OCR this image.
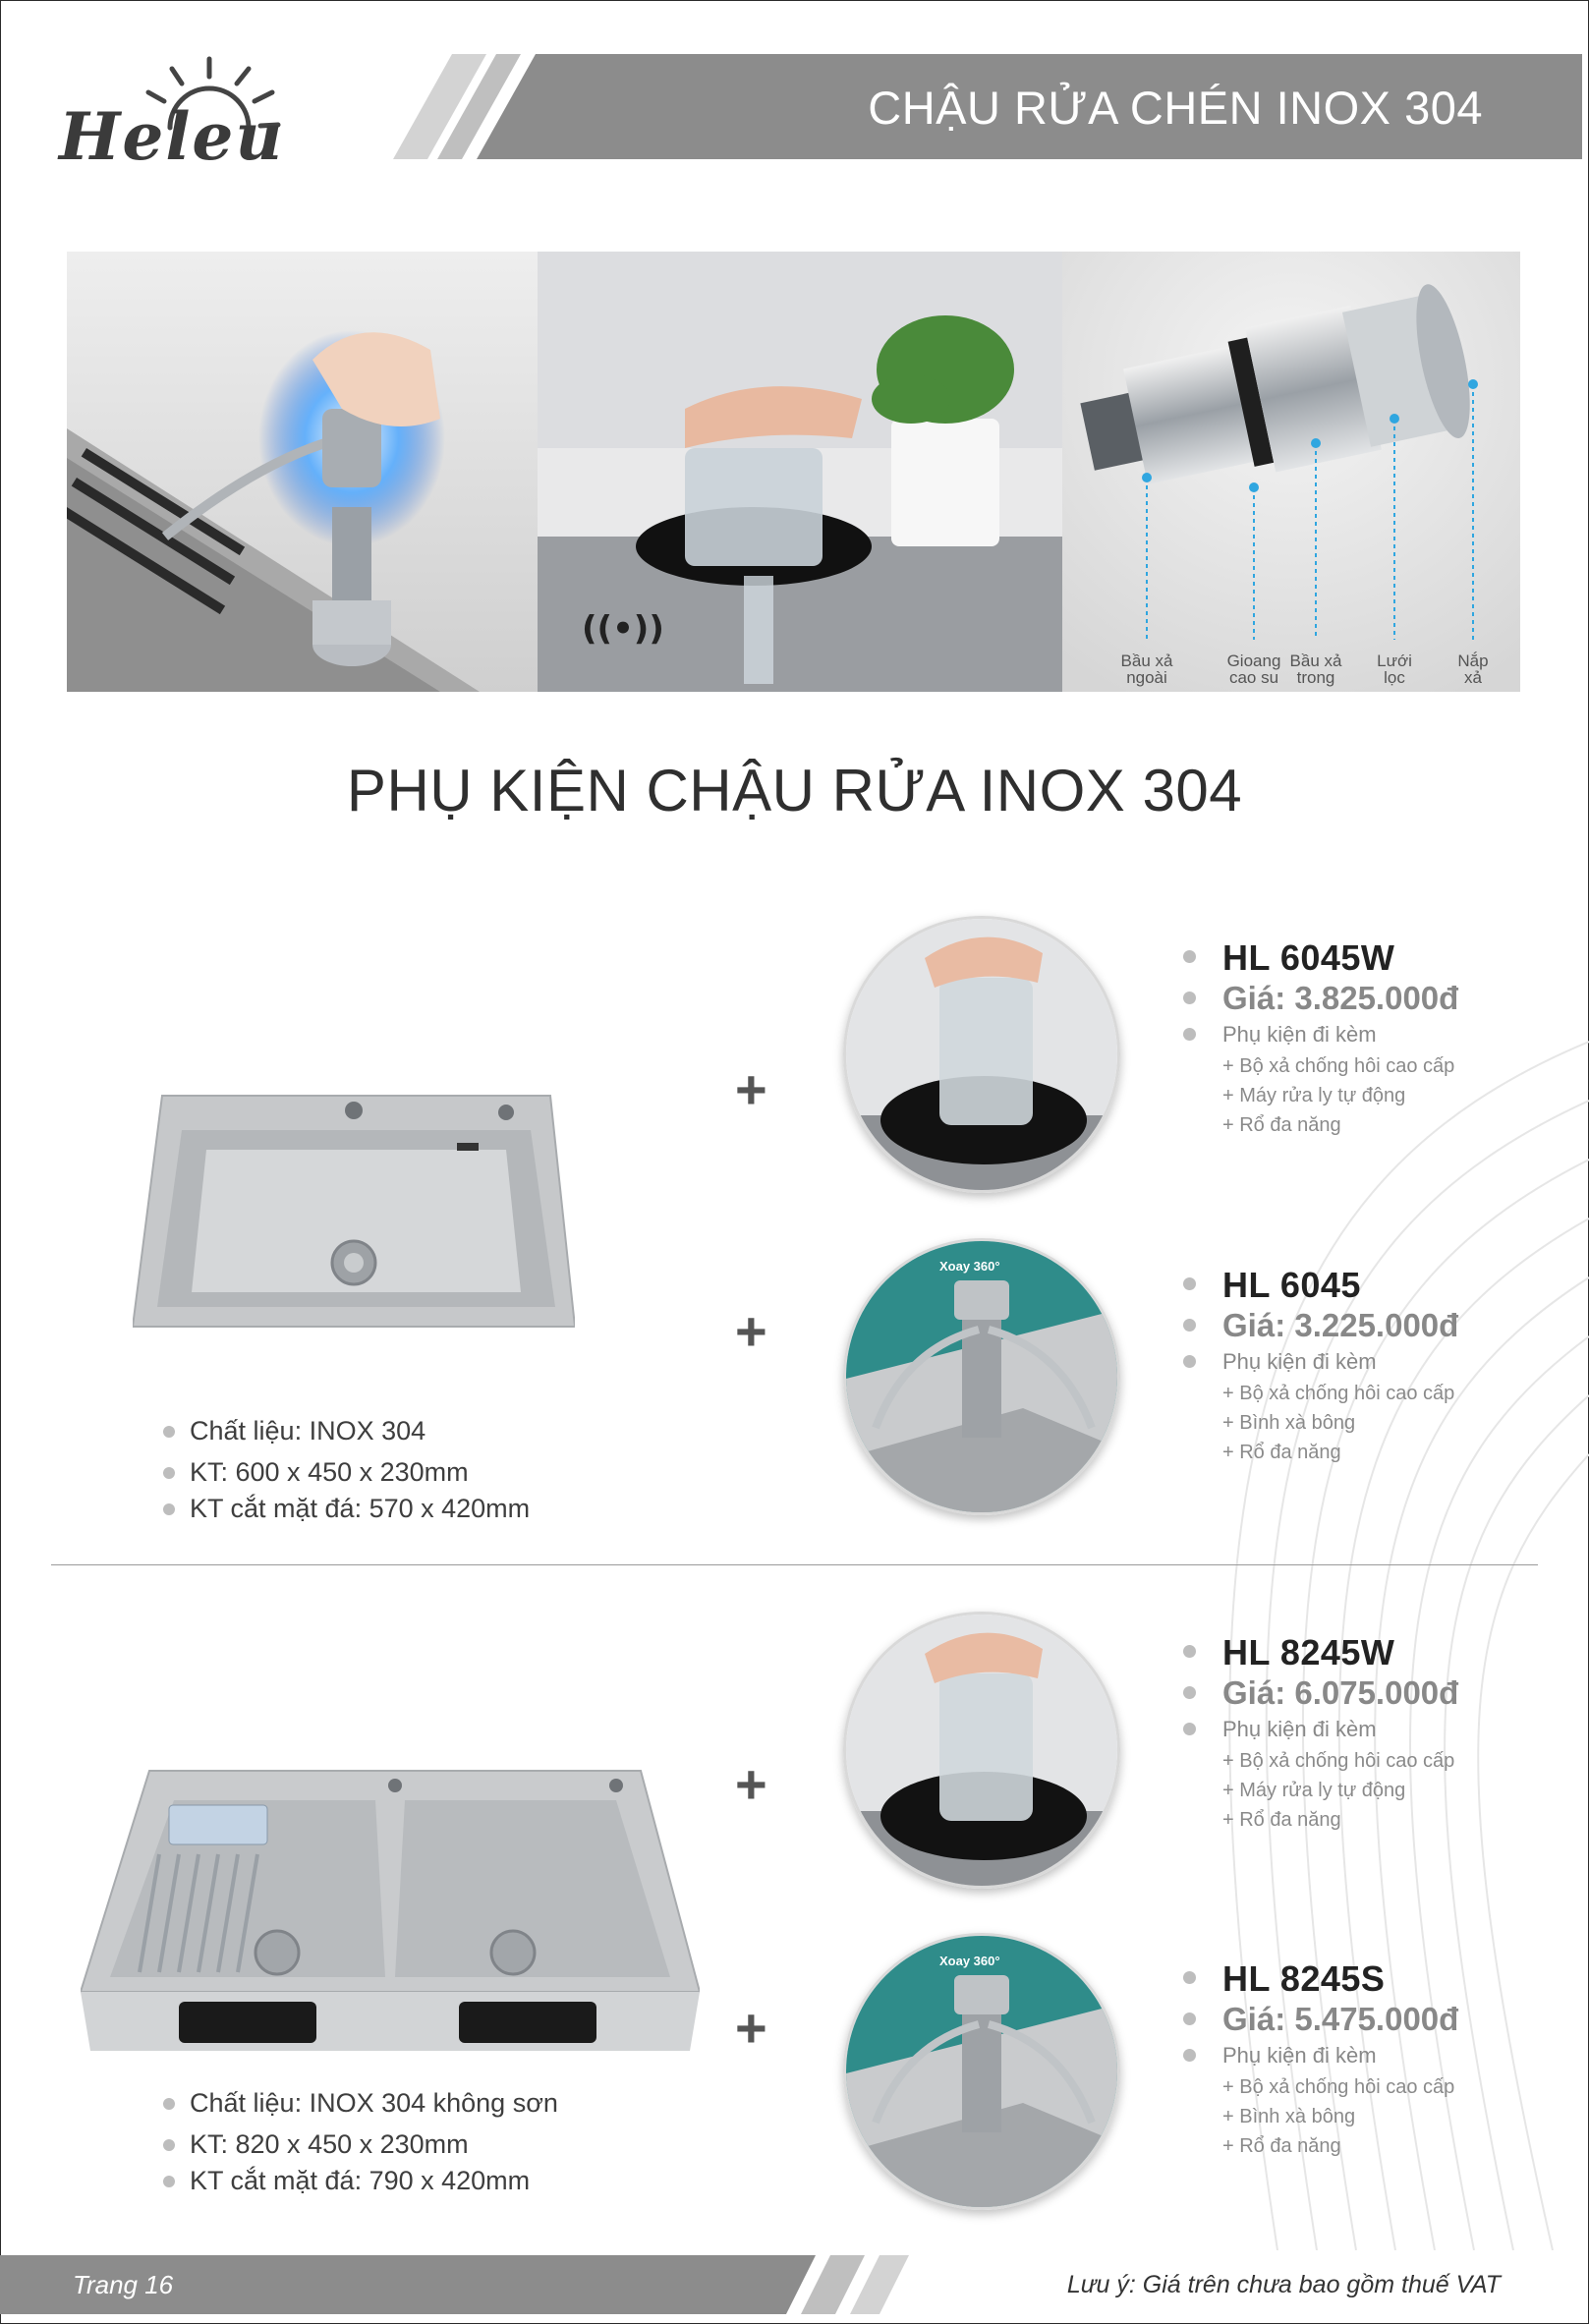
Heleu	CHẬU RỬA CHÉN INOX 304
((•))
Bầu xả ngoài
Gioang cao su
Bầu xả trong
Lưới lọc
Nắp xả
PHỤ KIỆN CHẬU RỬA INOX 304
Chất liệu: INOX 304
KT: 600 x 450 x 230mm
KT cắt mặt đá: 570 x 420mm
+
+
Xoay 360°
HL 6045W
Giá: 3.825.000đ
Phụ kiện đi kèm
+ Bộ xả chống hôi cao cấp
+ Máy rửa ly tự động
+ Rổ đa năng
HL 6045
Giá: 3.225.000đ
Phụ kiện đi kèm
+ Bộ xả chống hôi cao cấp
+ Bình xà bông
+ Rổ đa năng
Chất liệu: INOX 304 không sơn
KT: 820 x 450 x 230mm
KT cắt mặt đá: 790 x 420mm
+
+
Xoay 360°
HL 8245W
Giá: 6.075.000đ
Phụ kiện đi kèm
+ Bộ xả chống hôi cao cấp
+ Máy rửa ly tự động
+ Rổ đa năng
HL 8245S
Giá: 5.475.000đ
Phụ kiện đi kèm
+ Bộ xả chống hôi cao cấp
+ Bình xà bông
+ Rổ đa năng
Trang 16	Lưu ý: Giá trên chưa bao gồm thuế VAT
